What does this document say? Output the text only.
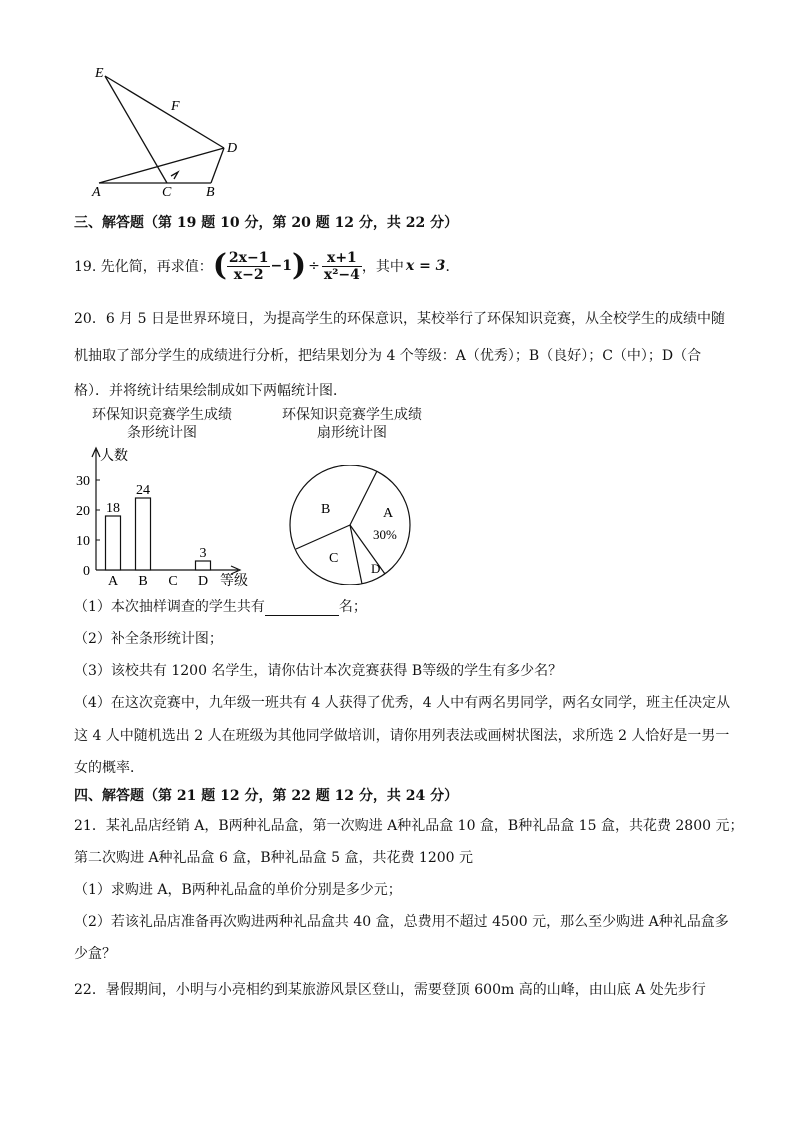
E
F
D
A	C B
三、解答题（第 19 题 10 分，第 20 题 12 分，共 22 分）
19. 先化简，再求值： ( $\frac{2x-1}{x-2} -1$ ) ÷ $\frac{x+1}{\text{x²−4}}$ ，其中 x = 3 ．
20．6 月 5 日是世界环境日，为提高学生的环保意识，某校举行了环保知识竞赛，从全校学生的成绩中随
机抽取了部分学生的成绩进行分析，把结果划分为 4 个等级：A（优秀）；B（良好）；C（中）；D（合
格）．并将统计结果绘制成如下两幅统计图．
环保知识竞赛学生成绩
条形统计图
环保知识竞赛学生成绩
扇形统计图
人数
等级
0
10
20
30
18
A
24
B C
3
D
B	A
30%
C
D
（1）本次抽样调查的学生共有	名；
（2）补全条形统计图；
（3）该校共有 1200 名学生，请你估计本次竞赛获得 B等级的学生有多少名？
（4）在这次竞赛中，九年级一班共有 4 人获得了优秀，4 人中有两名男同学，两名女同学，班主任决定从
这 4 人中随机选出 2 人在班级为其他同学做培训，请你用列表法或画树状图法，求所选 2 人恰好是一男一
女的概率．
四、解答题（第 21 题 12 分，第 22 题 12 分，共 24 分）
21．某礼品店经销 A，B两种礼品盒，第一次购进 A种礼品盒 10 盒，B种礼品盒 15 盒，共花费 2800 元；
第二次购进 A种礼品盒 6 盒，B种礼品盒 5 盒，共花费 1200 元
（1）求购进 A，B两种礼品盒的单价分别是多少元；
（2）若该礼品店准备再次购进两种礼品盒共 40 盒，总费用不超过 4500 元，那么至少购进 A种礼品盒多
少盒？
22．暑假期间，小明与小亮相约到某旅游风景区登山，需要登顶 600m 高的山峰，由山底 A 处先步行
